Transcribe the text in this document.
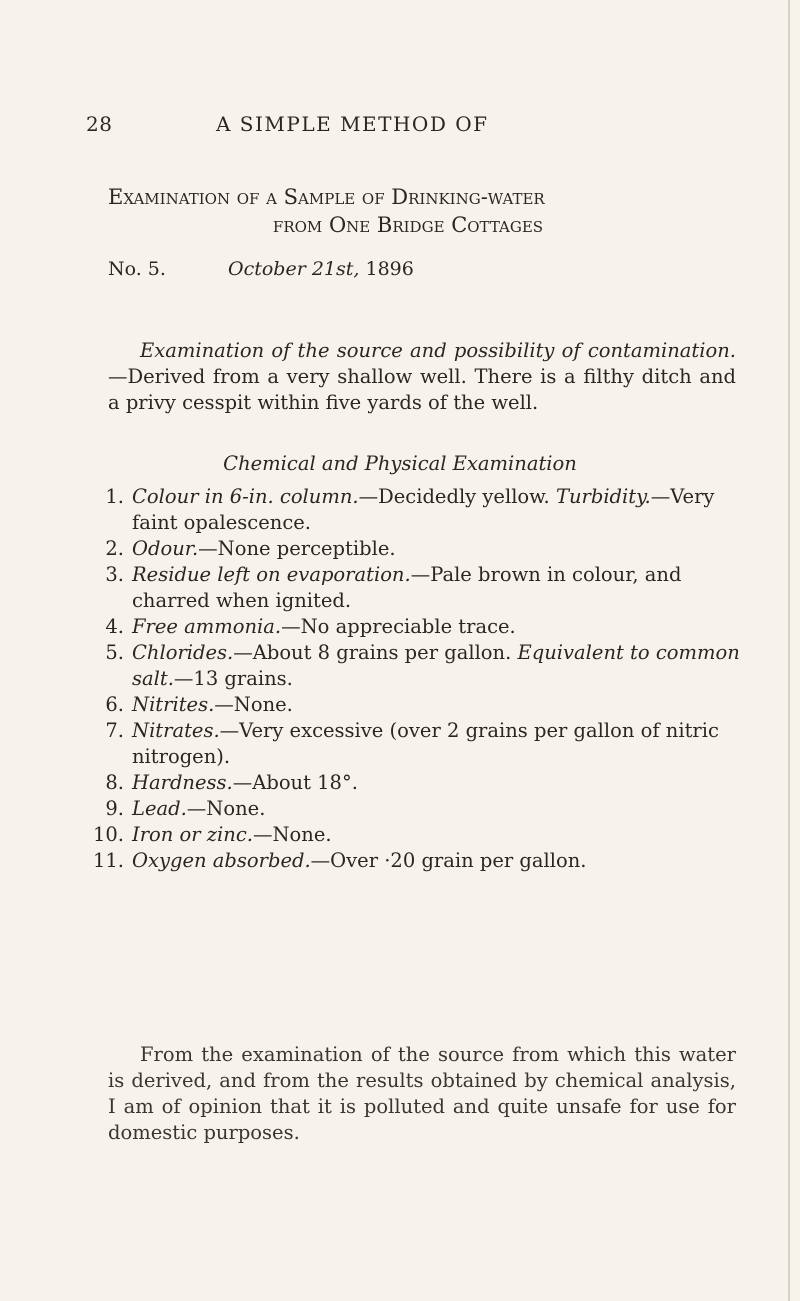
28	A SIMPLE METHOD OF
Examination of a Sample of Drinking-water
from One Bridge Cottages
No. 5.	October 21st, 1896

Examination of the source and possibility of contamination.—Derived from a very shallow well. There is a filthy ditch and a privy cesspit within five yards of the well.

Chemical and Physical Examination
1. Colour in 6-in. column.—Decidedly yellow. Turbidity.—Very faint opalescence.
2. Odour.—None perceptible.
3. Residue left on evaporation.—Pale brown in colour, and charred when ignited.
4. Free ammonia.—No appreciable trace.
5. Chlorides.—About 8 grains per gallon. Equivalent to common salt.—13 grains.
6. Nitrites.—None.
7. Nitrates.—Very excessive (over 2 grains per gallon of nitric nitrogen).
8. Hardness.—About 18°.
9. Lead.—None.
10. Iron or zinc.—None.
11. Oxygen absorbed.—Over ·20 grain per gallon.

From the examination of the source from which this water is derived, and from the results obtained by chemical analysis, I am of opinion that it is polluted and quite unsafe for use for domestic purposes.
